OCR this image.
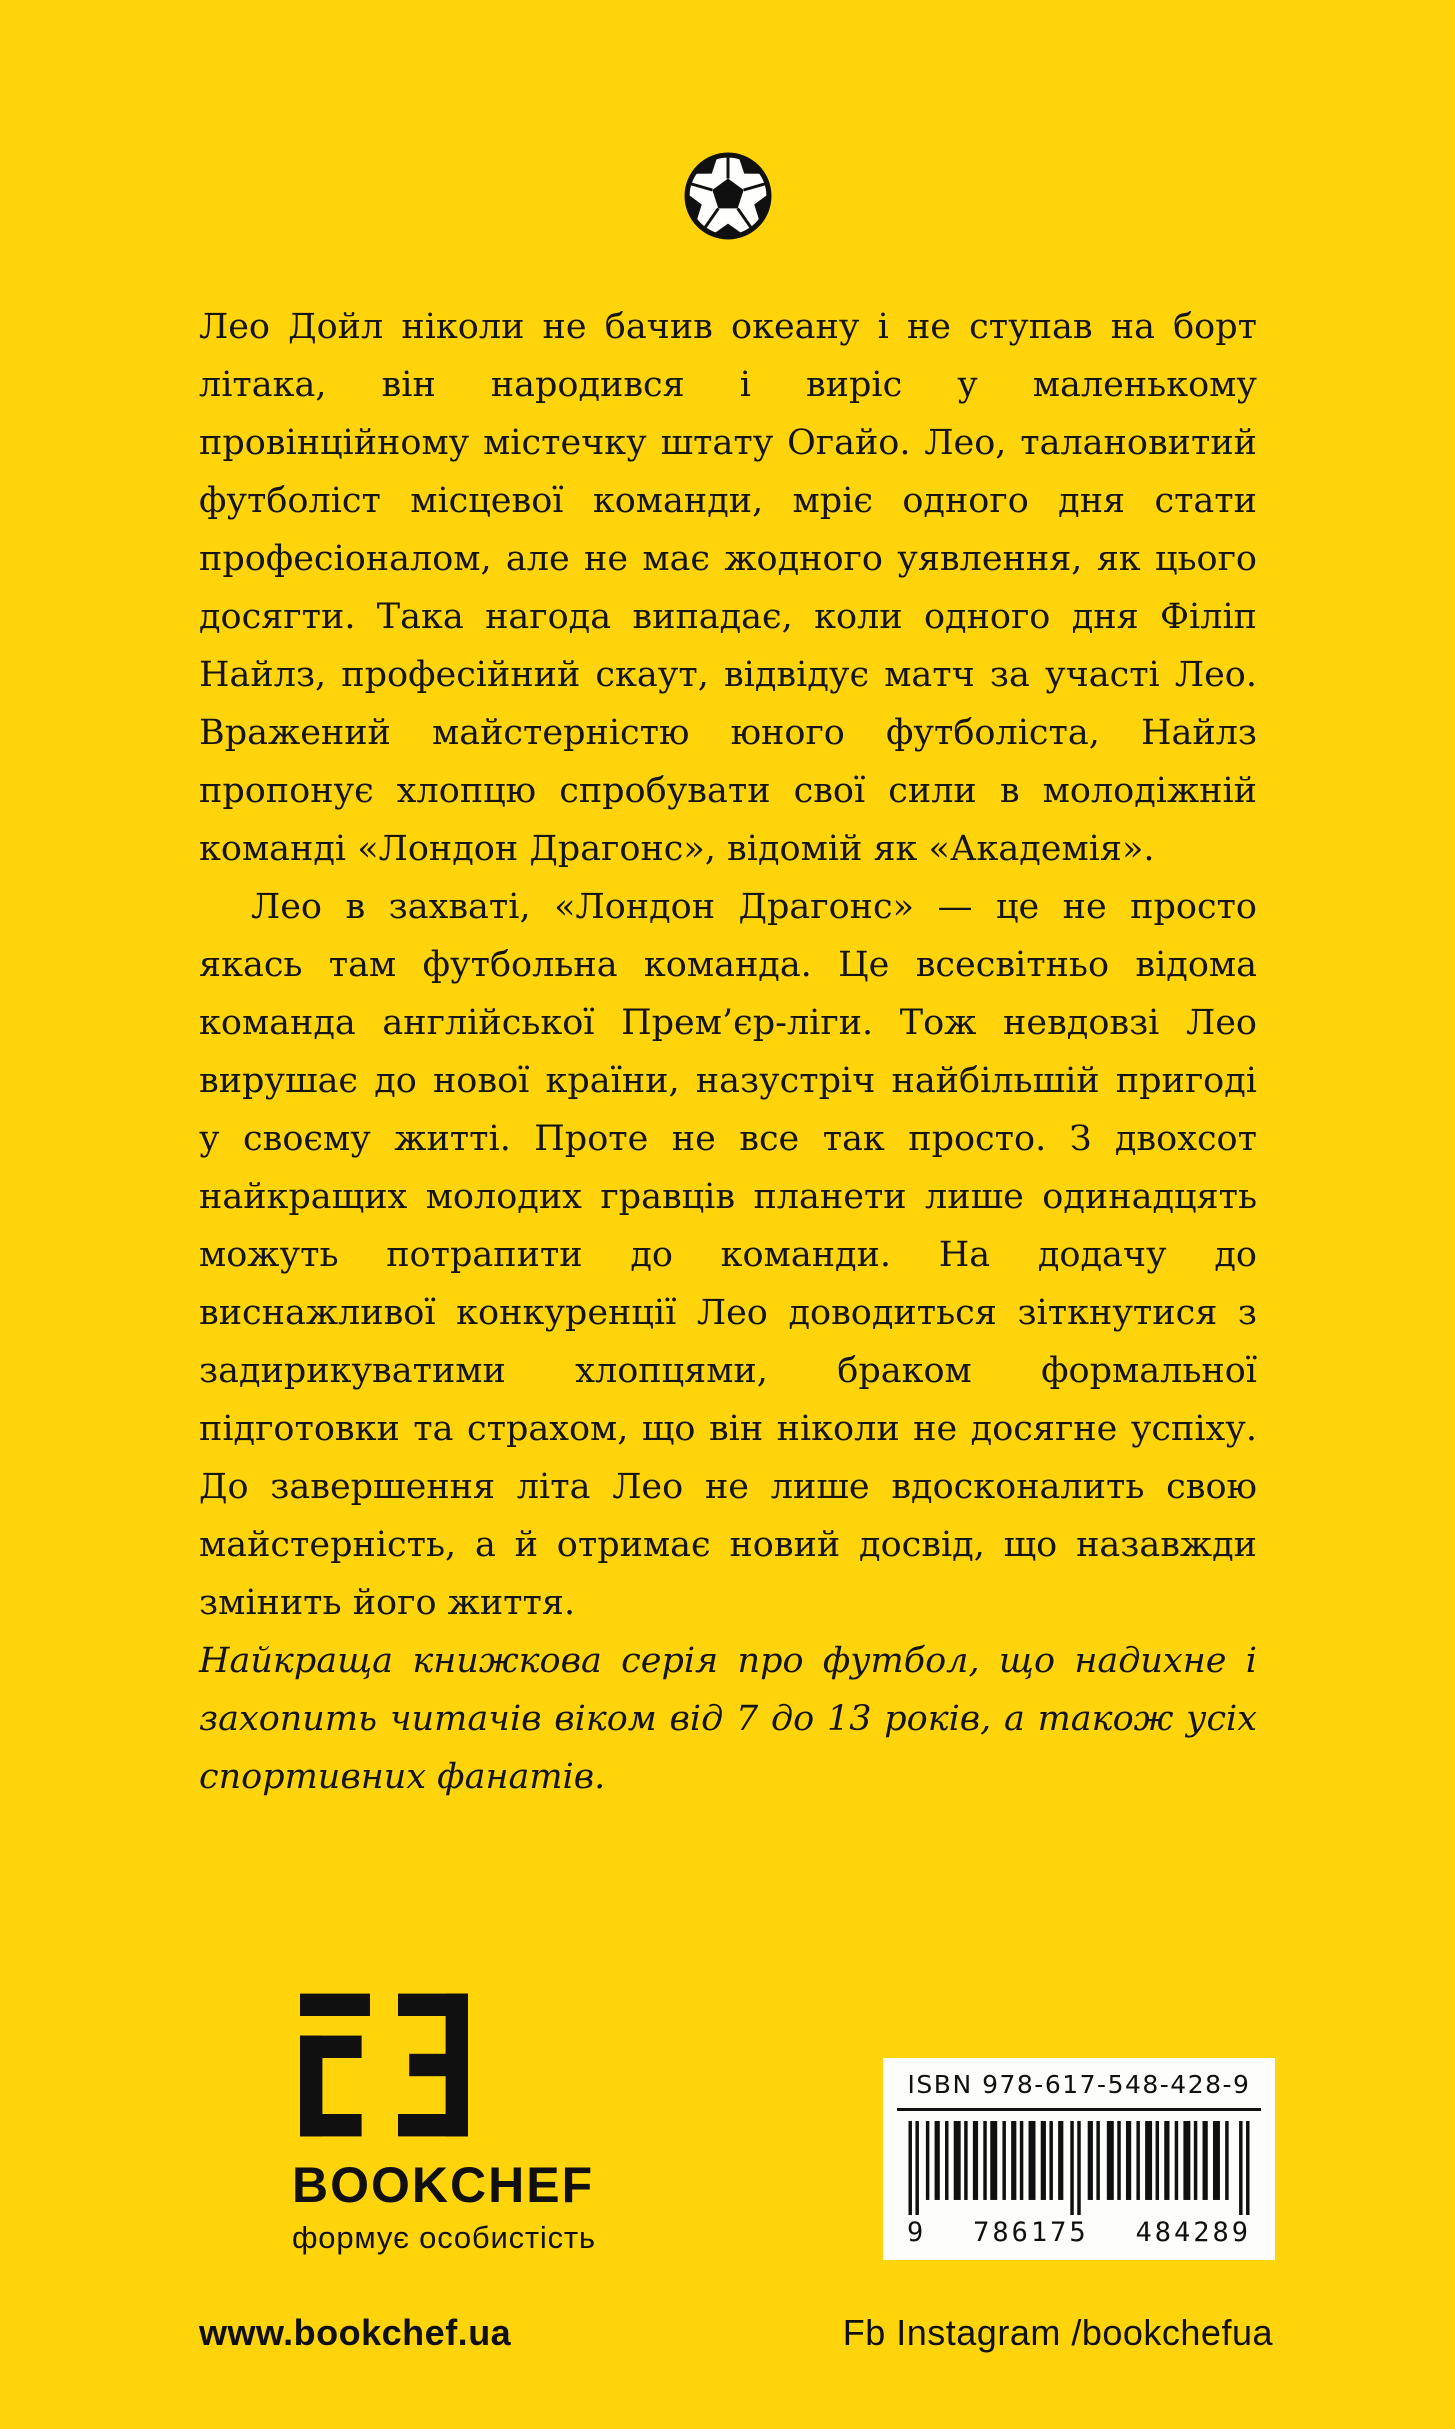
Лео Дойл ніколи не бачив океану і не ступав на борт літака, він народився і виріс у маленькому провінційному містечку штату Огайо. Лео, талановитий футболіст місцевої команди, мріє одного дня стати професіоналом, але не має жодного уявлення, як цього досягти. Така нагода випадає, коли одного дня Філіп Найлз, професійний скаут, відвідує матч за участі Лео. Вражений майстерністю юного футболіста, Найлз пропонує хлопцю спробувати свої сили в молодіжній команді «Лондон Драгонс», відомій як «Академія».

Лео в захваті, «Лондон Драгонс» — це не просто якась там футбольна команда. Це всесвітньо відома команда англійської Прем’єр-ліги. Тож невдовзі Лео вирушає до нової країни, назустріч найбільшій пригоді у своєму житті. Проте не все так просто. З двохсот найкращих молодих гравців планети лише одинадцять можуть потрапити до команди. На додачу до виснажливої конкуренції Лео доводиться зіткнутися з задирикуватими хлопцями, браком формальної підготовки та страхом, що він ніколи не досягне успіху. До завершення літа Лео не лише вдосконалить свою майстерність, а й отримає новий досвід, що назавжди змінить його життя.

Найкраща книжкова серія про футбол, що надихне і захопить читачів віком від 7 до 13 років, а також усіх спортивних фанатів.

BOOKCHEF
формує особистість
ISBN 978-617-548-428-9
9 786175 484289
www.bookchef.ua	Fb Instagram /bookchefua
